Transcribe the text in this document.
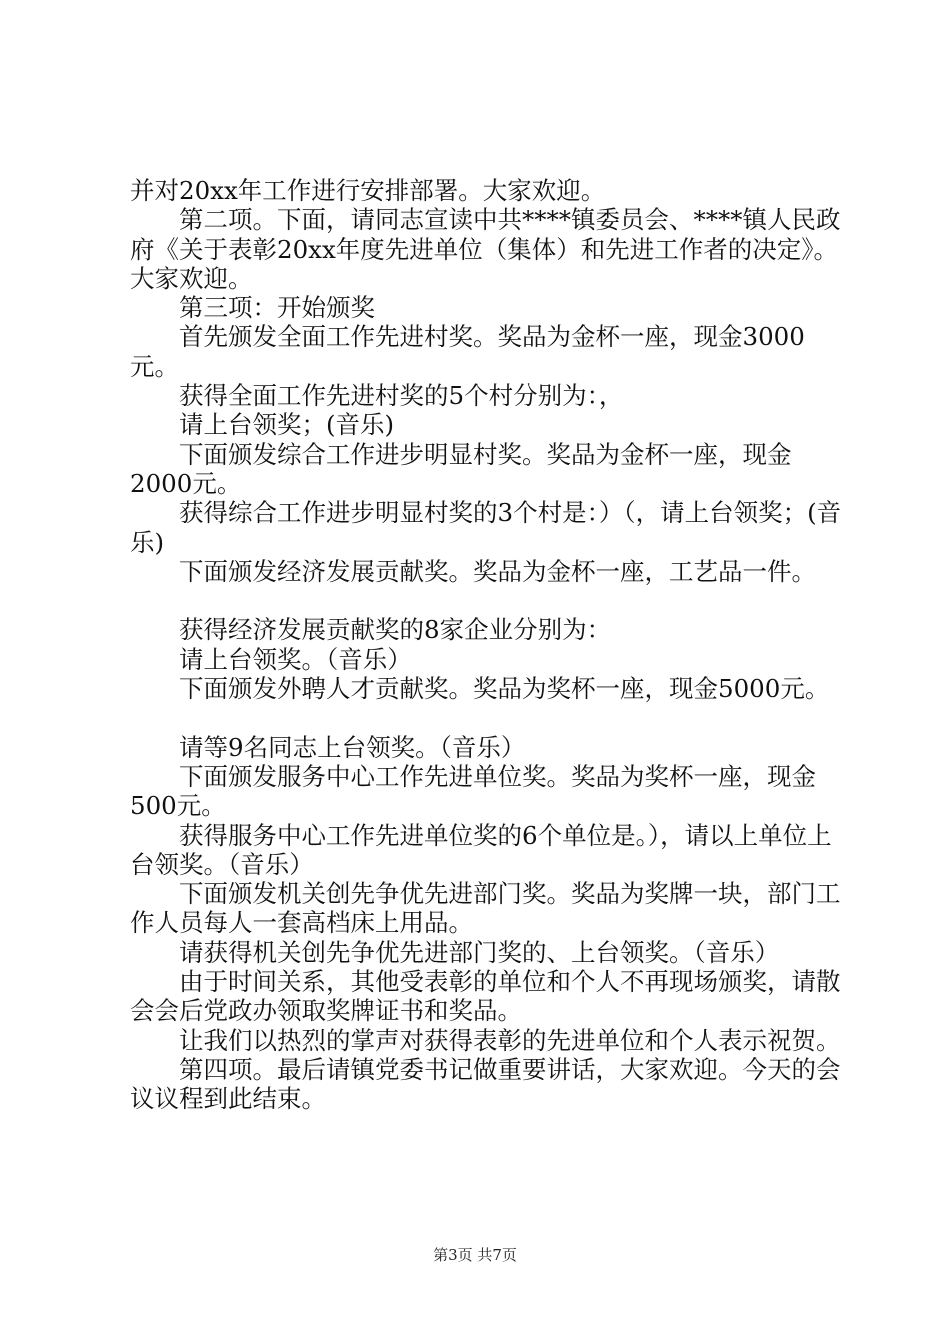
并对20xx年工作进行安排部署。大家欢迎。

第二项。下面，请同志宣读中共****镇委员会、****镇人民政府《关于表彰20xx年度先进单位（集体）和先进工作者的决定》。大家欢迎。

第三项：开始颁奖

首先颁发全面工作先进村奖。奖品为金杯一座，现金3000元。

获得全面工作先进村奖的5个村分别为：，

请上台领奖；(音乐)

下面颁发综合工作进步明显村奖。奖品为金杯一座，现金2000元。

获得综合工作进步明显村奖的3个村是：）（，请上台领奖；(音乐)

下面颁发经济发展贡献奖。奖品为金杯一座，工艺品一件。

获得经济发展贡献奖的8家企业分别为：

请上台领奖。（音乐）

下面颁发外聘人才贡献奖。奖品为奖杯一座，现金5000元。

请等9名同志上台领奖。（音乐）

下面颁发服务中心工作先进单位奖。奖品为奖杯一座，现金500元。

获得服务中心工作先进单位奖的6个单位是。），请以上单位上台领奖。（音乐）

下面颁发机关创先争优先进部门奖。奖品为奖牌一块，部门工作人员每人一套高档床上用品。

请获得机关创先争优先进部门奖的、上台领奖。（音乐）

由于时间关系，其他受表彰的单位和个人不再现场颁奖，请散会会后党政办领取奖牌证书和奖品。

让我们以热烈的掌声对获得表彰的先进单位和个人表示祝贺。

第四项。最后请镇党委书记做重要讲话，大家欢迎。今天的会议议程到此结束。

第3页 共7页
